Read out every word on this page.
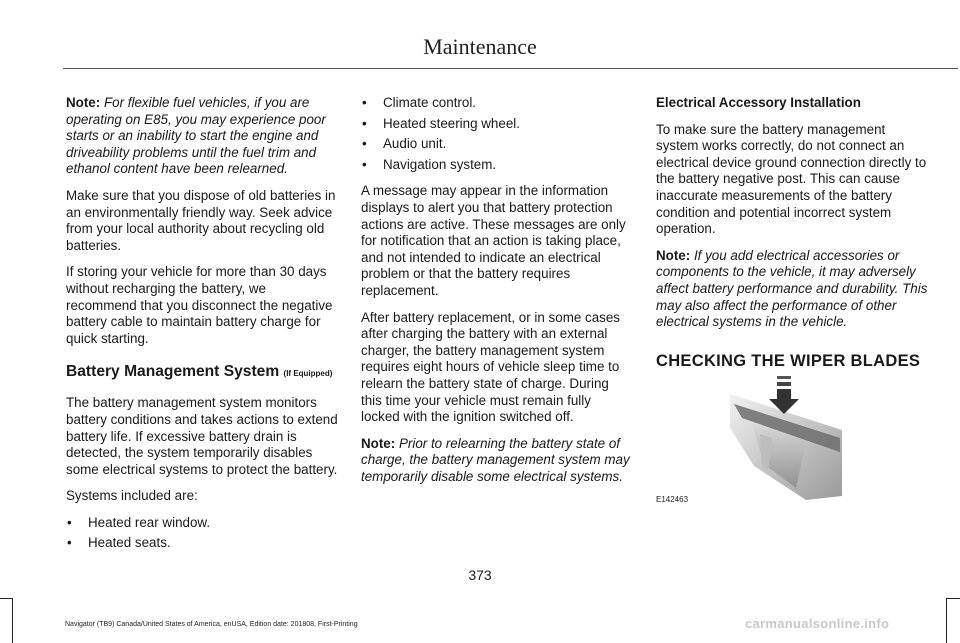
Maintenance

Note: For flexible fuel vehicles, if you are operating on E85, you may experience poor starts or an inability to start the engine and driveability problems until the fuel trim and ethanol content have been relearned.

Make sure that you dispose of old batteries in an environmentally friendly way. Seek advice from your local authority about recycling old batteries.

If storing your vehicle for more than 30 days without recharging the battery, we recommend that you disconnect the negative battery cable to maintain battery charge for quick starting.

Battery Management System (If Equipped)

The battery management system monitors battery conditions and takes actions to extend battery life. If excessive battery drain is detected, the system temporarily disables some electrical systems to protect the battery.

Systems included are:

• Heated rear window.
• Heated seats.
• Climate control.
• Heated steering wheel.
• Audio unit.
• Navigation system.

A message may appear in the information displays to alert you that battery protection actions are active. These messages are only for notification that an action is taking place, and not intended to indicate an electrical problem or that the battery requires replacement.

After battery replacement, or in some cases after charging the battery with an external charger, the battery management system requires eight hours of vehicle sleep time to relearn the battery state of charge. During this time your vehicle must remain fully locked with the ignition switched off.

Note: Prior to relearning the battery state of charge, the battery management system may temporarily disable some electrical systems.

Electrical Accessory Installation

To make sure the battery management system works correctly, do not connect an electrical device ground connection directly to the battery negative post. This can cause inaccurate measurements of the battery condition and potential incorrect system operation.

Note: If you add electrical accessories or components to the vehicle, it may adversely affect battery performance and durability. This may also affect the performance of other electrical systems in the vehicle.

CHECKING THE WIPER BLADES
E142463
373
Navigator (TB9) Canada/United States of America, enUSA, Edition date: 201808, First-Printing	carmanualsonline.info
